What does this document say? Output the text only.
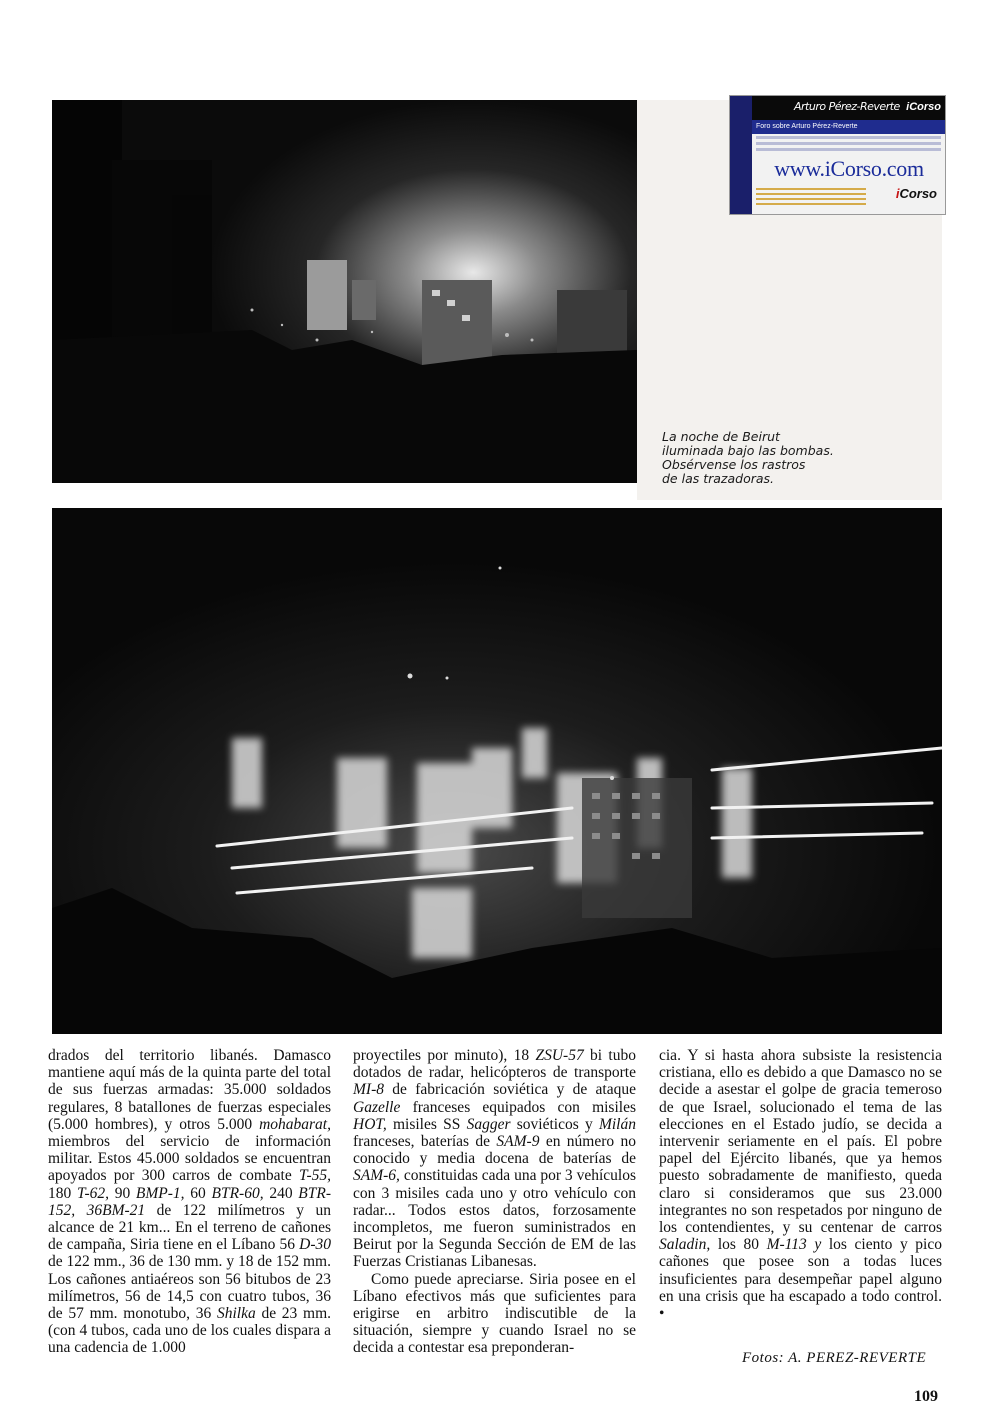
Arturo Pérez-Reverte iCorso
Foro sobre Arturo Pérez-Reverte
www.iCorso.com
iCorso
La noche de Beirut
iluminada bajo las bombas.
Obsérvense los rastros
de las trazadoras.

drados del territorio libanés. Damasco mantiene aquí más de la quinta parte del total de sus fuerzas armadas: 35.000 soldados regulares, 8 batallones de fuerzas especiales (5.000 hombres), y otros 5.000 mohabarat, miembros del servicio de información militar. Estos 45.000 soldados se encuentran apoyados por 300 carros de combate T-55, 180 T-62, 90 BMP-1, 60 BTR-60, 240 BTR-152, 36BM-21 de 122 milímetros y un alcance de 21 km... En el terreno de cañones de campaña, Siria tiene en el Líbano 56 D-30 de 122 mm., 36 de 130 mm. y 18 de 152 mm. Los cañones antiaéreos son 56 bitubos de 23 milímetros, 56 de 14,5 con cuatro tubos, 36 de 57 mm. monotubo, 36 Shilka de 23 mm. (con 4 tubos, cada uno de los cuales dispara a una cadencia de 1.000

proyectiles por minuto), 18 ZSU-57 bi tubo dotados de radar, helicópteros de transporte MI-8 de fabricación soviética y de ataque Gazelle franceses equipados con misiles HOT, misiles SS Sagger soviéticos y Milán franceses, baterías de SAM-9 en número no conocido y media docena de baterías de SAM-6, constituidas cada una por 3 vehículos con 3 misiles cada uno y otro vehículo con radar... Todos estos datos, forzosamente incompletos, me fueron suministrados en Beirut por la Segunda Sección de EM de las Fuerzas Cristianas Libanesas.

Como puede apreciarse. Siria posee en el Líbano efectivos más que suficientes para erigirse en arbitro indiscutible de la situación, siempre y cuando Israel no se decida a contestar esa preponderan-

cia. Y si hasta ahora subsiste la resistencia cristiana, ello es debido a que Damasco no se decide a asestar el golpe de gracia temeroso de que Israel, solucionado el tema de las elecciones en el Estado judío, se decida a intervenir seriamente en el país. El pobre papel del Ejército libanés, que ya hemos puesto sobradamente de manifiesto, queda claro si consideramos que sus 23.000 integrantes no son respetados por ninguno de los contendientes, y su centenar de carros Saladin, los 80 M-113 y los ciento y pico cañones que posee son a todas luces insuficientes para desempeñar papel alguno en una crisis que ha escapado a todo control. •

Fotos: A. PEREZ-REVERTE
109
